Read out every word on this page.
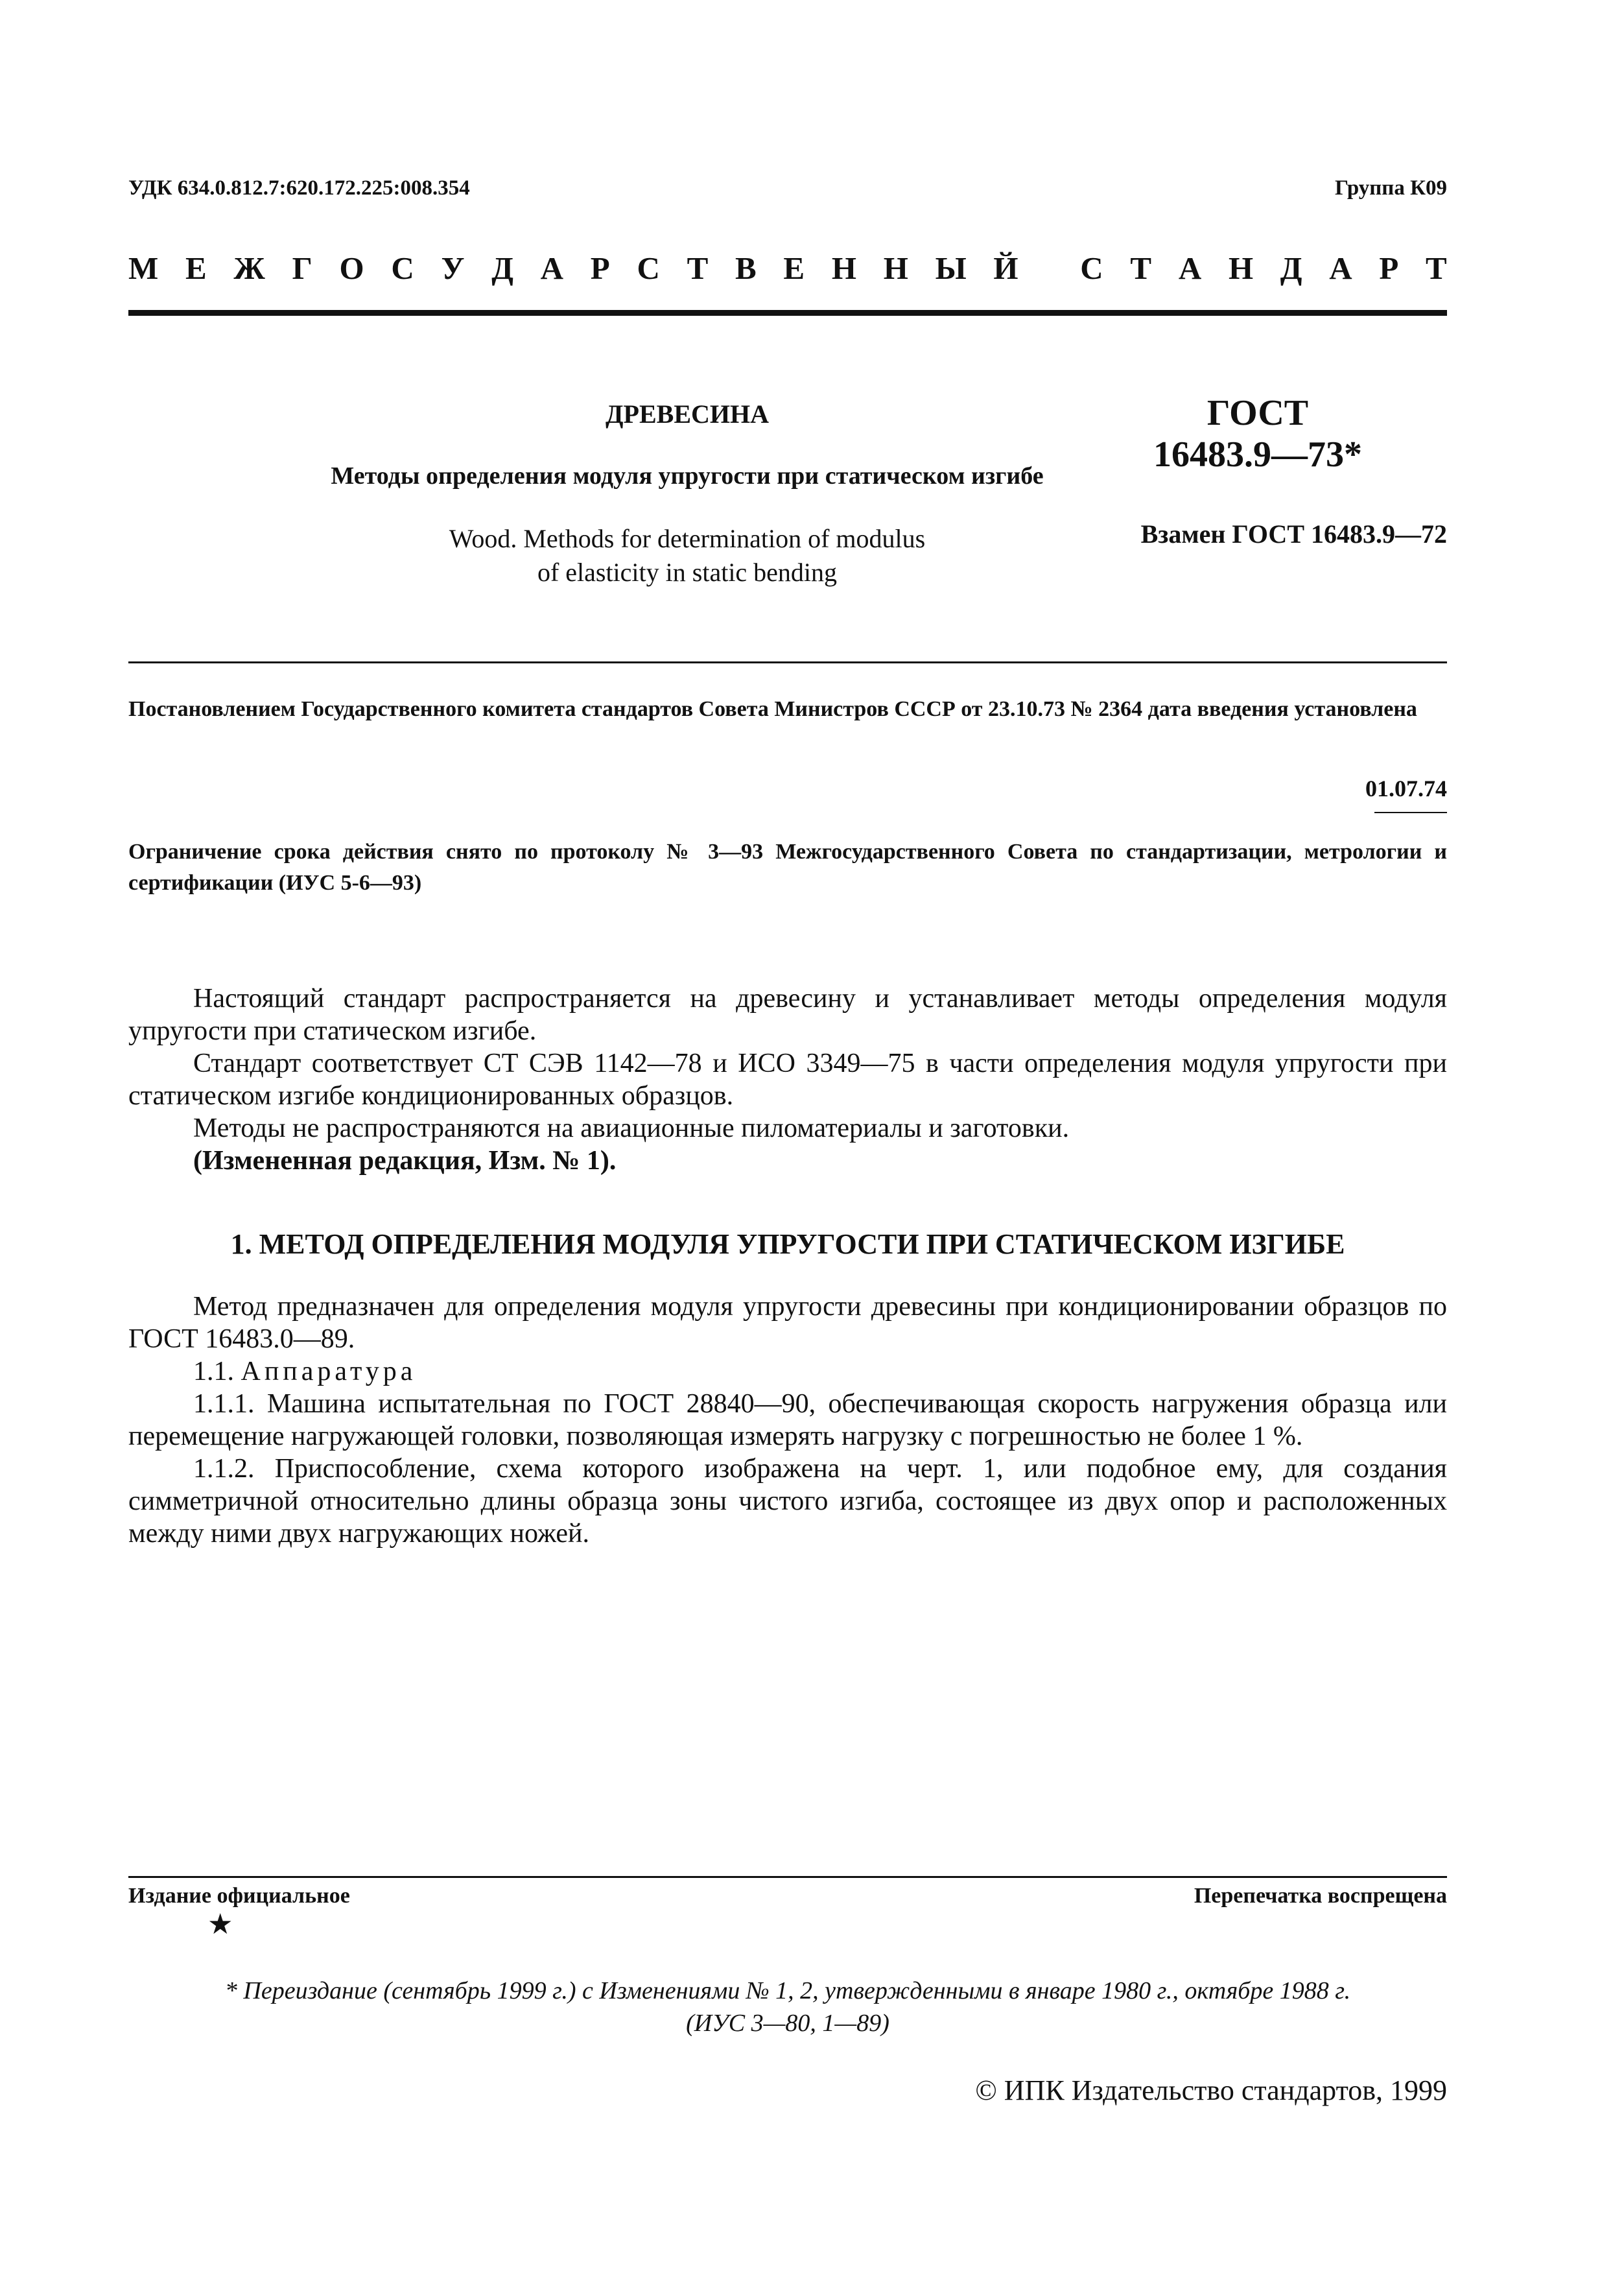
УДК 634.0.812.7:620.172.225:008.354	Группа К09
М Е Ж Г О С У Д А Р С Т В Е Н Н Ы Й
С Т А Н Д А Р Т
ДРЕВЕСИНА
Методы определения модуля упругости при статическом изгибе
Wood. Methods for determination of modulus
of elasticity in static bending
ГОСТ
16483.9—73*
Взамен ГОСТ 16483.9—72
Постановлением Государственного комитета стандартов Совета Министров СССР от 23.10.73 № 2364 дата введения установлена
01.07.74
Ограничение срока действия снято по протоколу № 3—93 Межгосударственного Совета по стандартизации, метрологии и сертификации (ИУС 5-6—93)

Настоящий стандарт распространяется на древесину и устанавливает методы определения модуля упругости при статическом изгибе.

Стандарт соответствует СТ СЭВ 1142—78 и ИСО 3349—75 в части определения модуля упругости при статическом изгибе кондиционированных образцов.

Методы не распространяются на авиационные пиломатериалы и заготовки.

(Измененная редакция, Изм. № 1).

1. МЕТОД ОПРЕДЕЛЕНИЯ МОДУЛЯ УПРУГОСТИ ПРИ СТАТИЧЕСКОМ ИЗГИБЕ

Метод предназначен для определения модуля упругости древесины при кондиционировании образцов по ГОСТ 16483.0—89.

1.1. Аппаратура

1.1.1. Машина испытательная по ГОСТ 28840—90, обеспечивающая скорость нагружения образца или перемещение нагружающей головки, позволяющая измерять нагрузку с погрешностью не более 1 %.

1.1.2. Приспособление, схема которого изображена на черт. 1, или подобное ему, для создания симметричной относительно длины образца зоны чистого изгиба, состоящее из двух опор и расположенных между ними двух нагружающих ножей.

Издание официальное
★
Перепечатка воспрещена
* Переиздание (сентябрь 1999 г.) с Изменениями № 1, 2, утвержденными в январе 1980 г., октябре 1988 г.
(ИУС 3—80, 1—89)
© ИПК Издательство стандартов, 1999
